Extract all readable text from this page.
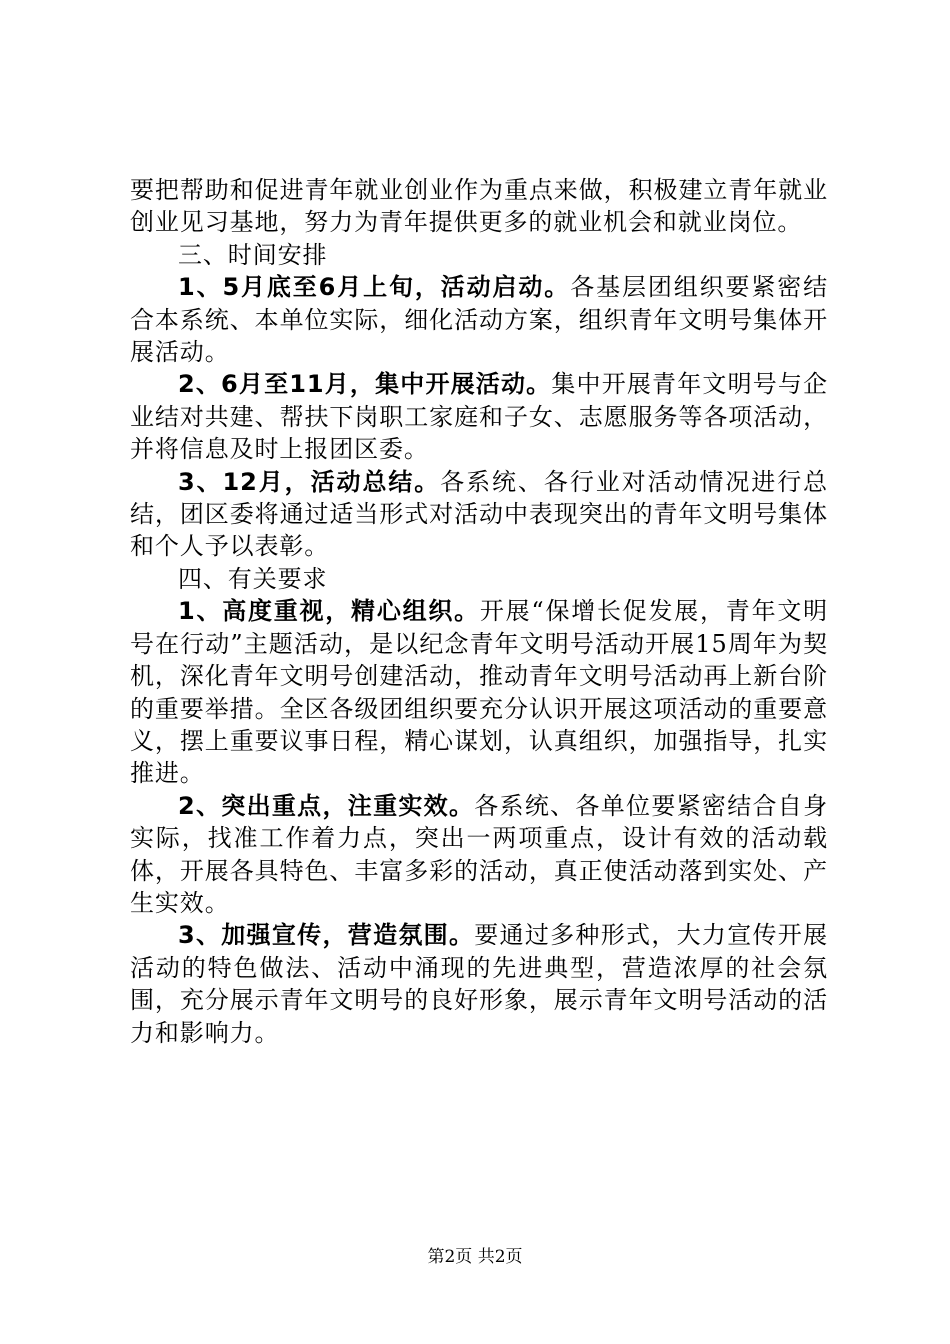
要把帮助和促进青年就业创业作为重点来做，积极建立青年就业创业见习基地，努力为青年提供更多的就业机会和就业岗位。

三、时间安排

1、5月底至6月上旬，活动启动。各基层团组织要紧密结合本系统、本单位实际，细化活动方案，组织青年文明号集体开展活动。

2、6月至11月，集中开展活动。集中开展青年文明号与企业结对共建、帮扶下岗职工家庭和子女、志愿服务等各项活动，并将信息及时上报团区委。

3、12月，活动总结。各系统、各行业对活动情况进行总结，团区委将通过适当形式对活动中表现突出的青年文明号集体和个人予以表彰。

四、有关要求

1、高度重视，精心组织。开展“保增长促发展，青年文明号在行动”主题活动，是以纪念青年文明号活动开展15周年为契机，深化青年文明号创建活动，推动青年文明号活动再上新台阶的重要举措。全区各级团组织要充分认识开展这项活动的重要意义，摆上重要议事日程，精心谋划，认真组织，加强指导，扎实推进。

2、突出重点，注重实效。各系统、各单位要紧密结合自身实际，找准工作着力点，突出一两项重点，设计有效的活动载体，开展各具特色、丰富多彩的活动，真正使活动落到实处、产生实效。

3、加强宣传，营造氛围。要通过多种形式，大力宣传开展活动的特色做法、活动中涌现的先进典型，营造浓厚的社会氛围，充分展示青年文明号的良好形象，展示青年文明号活动的活力和影响力。

第2页 共2页
